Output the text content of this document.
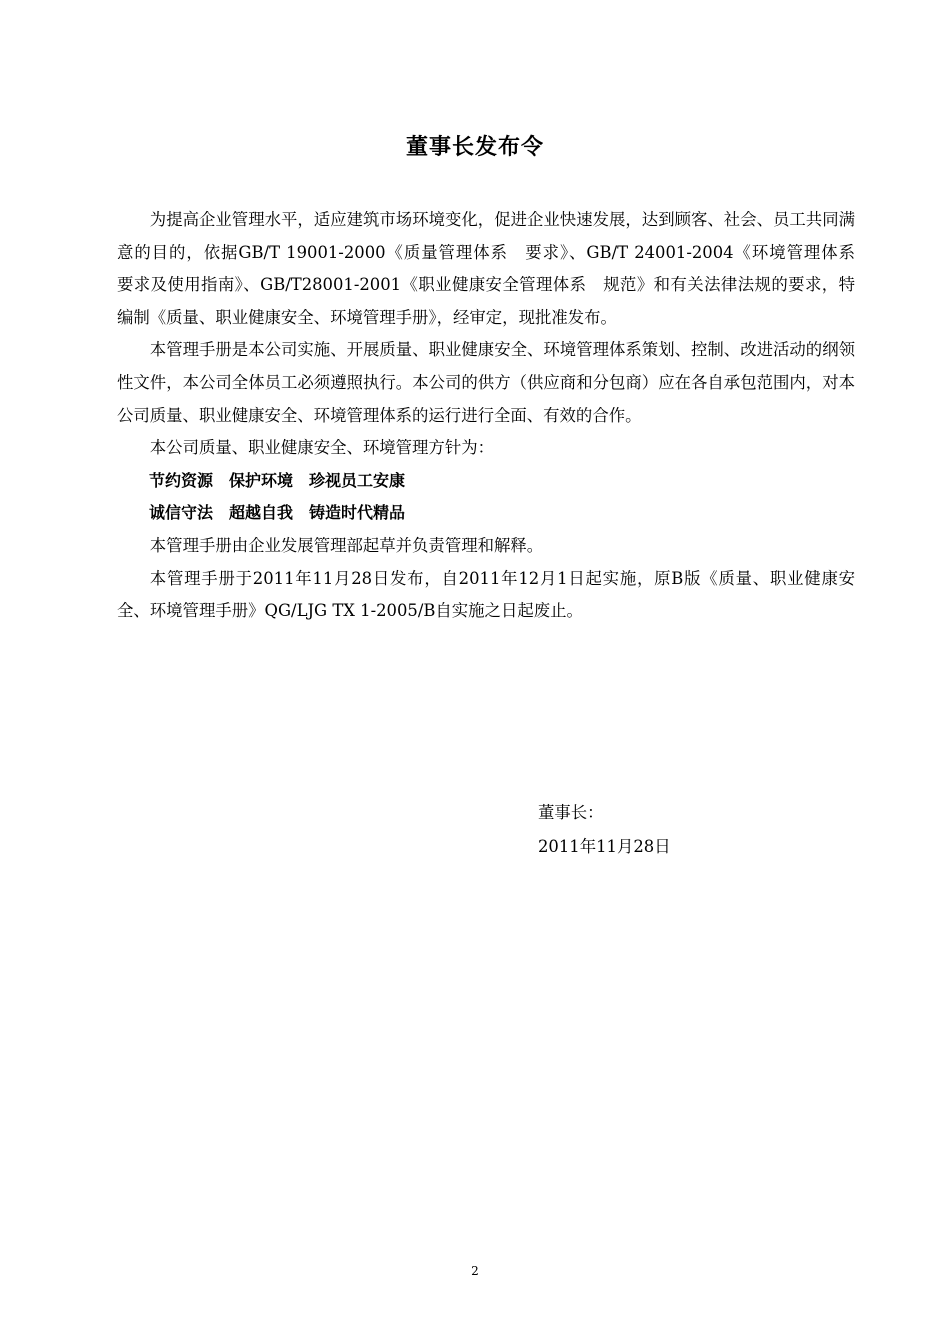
董事长发布令

为提高企业管理水平，适应建筑市场环境变化，促进企业快速发展，达到顾客、社会、员工共同满意的目的，依据GB/T 19001-2000《质量管理体系　要求》、GB/T 24001-2004《环境管理体系　要求及使用指南》、GB/T28001-2001《职业健康安全管理体系　规范》和有关法律法规的要求，特编制《质量、职业健康安全、环境管理手册》，经审定，现批准发布。

本管理手册是本公司实施、开展质量、职业健康安全、环境管理体系策划、控制、改进活动的纲领性文件，本公司全体员工必须遵照执行。本公司的供方（供应商和分包商）应在各自承包范围内，对本公司质量、职业健康安全、环境管理体系的运行进行全面、有效的合作。

本公司质量、职业健康安全、环境管理方针为：

节约资源　保护环境　珍视员工安康

诚信守法　超越自我　铸造时代精品

本管理手册由企业发展管理部起草并负责管理和解释。

本管理手册于2011年11月28日发布，自2011年12月1日起实施，原B版《质量、职业健康安全、环境管理手册》QG/LJG TX 1-2005/B自实施之日起废止。

董事长：
2011年11月28日
2
